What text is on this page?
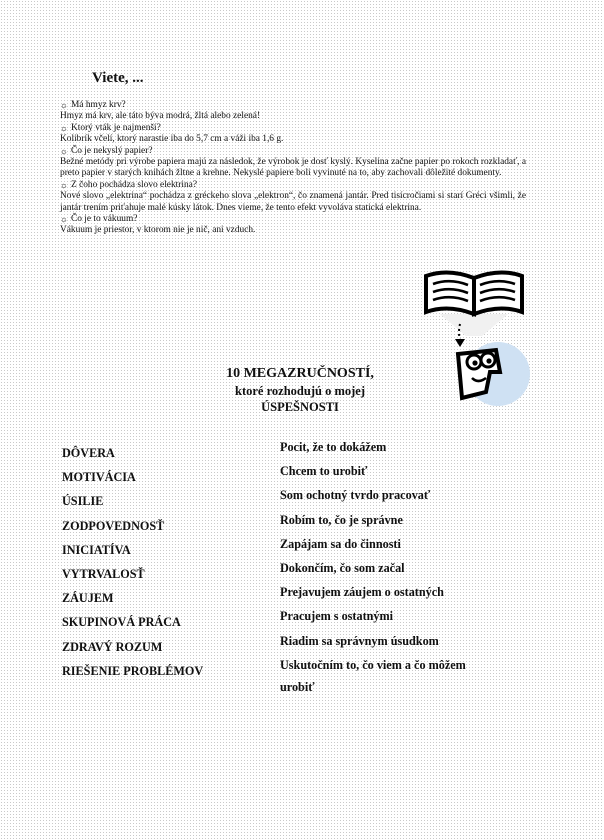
Viete, ...
☼ Má hmyz krv?
Hmyz má krv, ale táto býva modrá, žltá alebo zelená!
☼ Ktorý vták je najmenší?
Kolibrík včelí, ktorý narastie iba do 5,7 cm a váži iba 1,6 g.
☼ Čo je nekyslý papier?
Bežné metódy pri výrobe papiera majú za následok, že výrobok je dosť kyslý. Kyselina začne papier po rokoch rozkladať, a preto papier v starých knihách žltne a krehne. Nekyslé papiere boli vyvinuté na to, aby zachovali dôležité dokumenty.
☼ Z čoho pochádza slovo elektrina?
Nové slovo „elektrina“ pochádza z gréckeho slova „elektron“, čo znamená jantár. Pred tisícročiami si starí Gréci všimli, že jantár trením priťahuje malé kúsky látok. Dnes vieme, že tento efekt vyvoláva statická elektrina.
☼ Čo je to vákuum?
Vákuum je priestor, v ktorom nie je nič, ani vzduch.
10 MEGAZRUČNOSTÍ,
ktoré rozhodujú o mojej
ÚSPEŠNOSTI
DÔVERA	Pocit, že to dokážem
MOTIVÁCIA	Chcem to urobiť
ÚSILIE	Som ochotný tvrdo pracovať
ZODPOVEDNOSŤ	Robím to, čo je správne
INICIATÍVA	Zapájam sa do činnosti
VYTRVALOSŤ	Dokončím, čo som začal
ZÁUJEM	Prejavujem záujem o ostatných
SKUPINOVÁ PRÁCA	Pracujem s ostatnými
ZDRAVÝ ROZUM	Riadim sa správnym úsudkom
RIEŠENIE PROBLÉMOV	Uskutočním to, čo viem a čo môžem
urobiť
